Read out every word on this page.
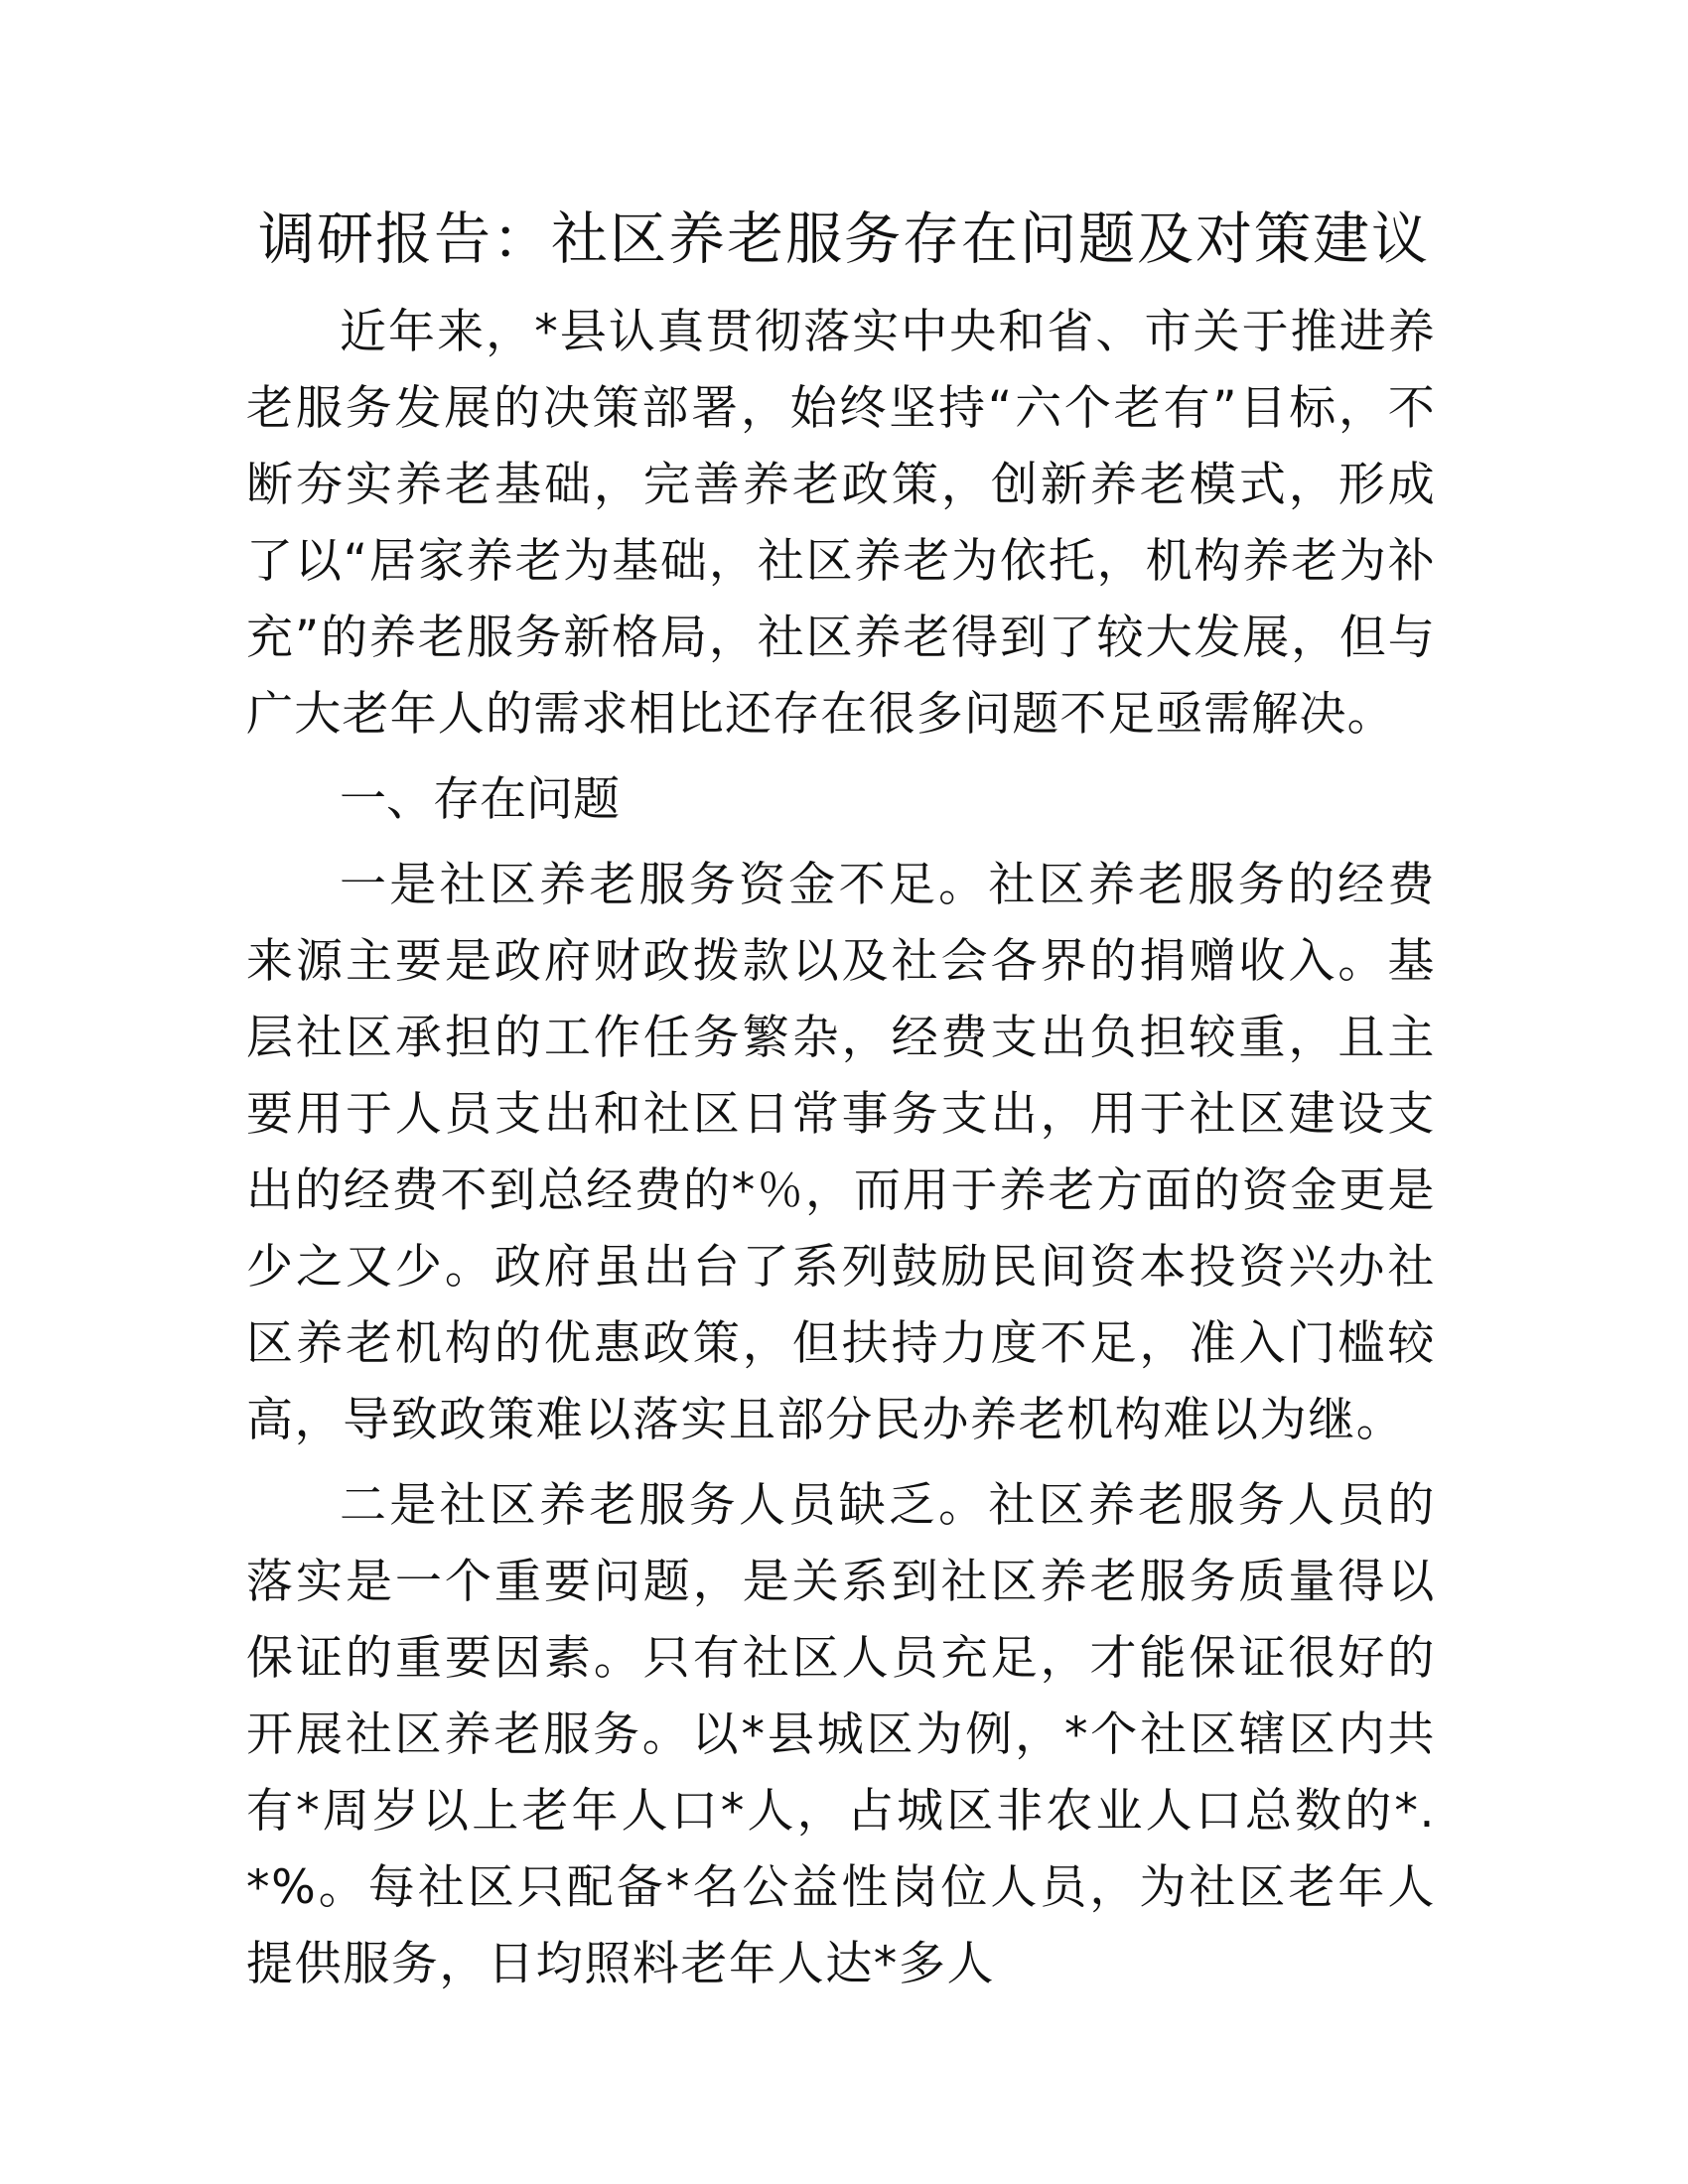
调研报告：社区养老服务存在问题及对策建议

近年来，*县认真贯彻落实中央和省、市关于推进养老服务发展的决策部署，始终坚持“六个老有”目标，不断夯实养老基础，完善养老政策，创新养老模式，形成了以“居家养老为基础，社区养老为依托，机构养老为补充”的养老服务新格局，社区养老得到了较大发展，但与广大老年人的需求相比还存在很多问题不足亟需解决。

一、存在问题

一是社区养老服务资金不足。社区养老服务的经费来源主要是政府财政拨款以及社会各界的捐赠收入。基层社区承担的工作任务繁杂，经费支出负担较重，且主要用于人员支出和社区日常事务支出，用于社区建设支出的经费不到总经费的*％，而用于养老方面的资金更是少之又少。政府虽出台了系列鼓励民间资本投资兴办社区养老机构的优惠政策，但扶持力度不足，准入门槛较高，导致政策难以落实且部分民办养老机构难以为继。

二是社区养老服务人员缺乏。社区养老服务人员的落实是一个重要问题，是关系到社区养老服务质量得以保证的重要因素。只有社区人员充足，才能保证很好的开展社区养老服务。以*县城区为例，*个社区辖区内共有*周岁以上老年人口*人，占城区非农业人口总数的*.*%。每社区只配备*名公益性岗位人员，为社区老年人提供服务，日均照料老年人达*多人
